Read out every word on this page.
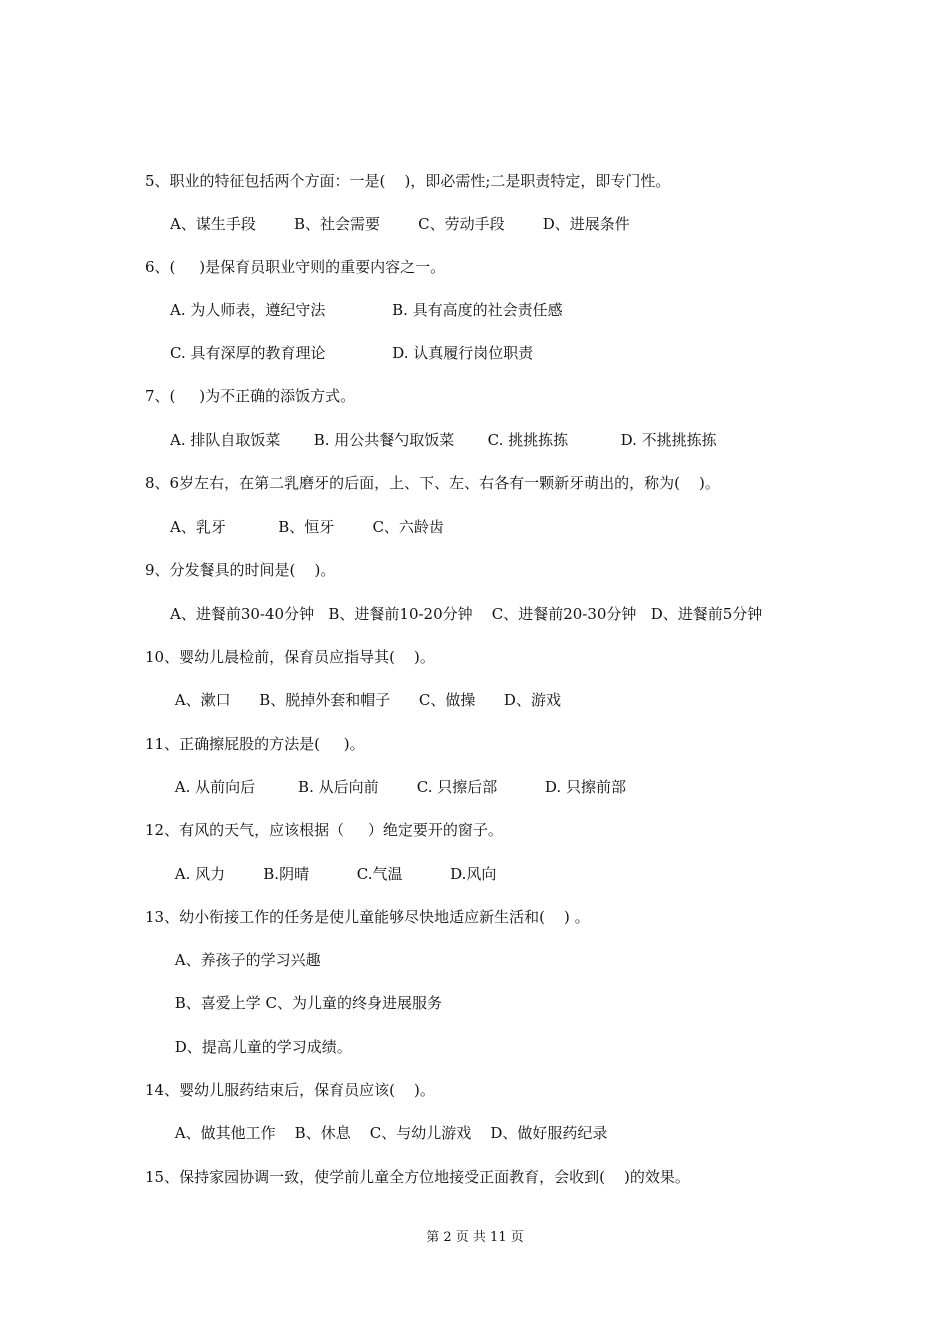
5、职业的特征包括两个方面：一是(    )，即必需性;二是职责特定，即专门性。
A、谋生手段        B、社会需要        C、劳动手段        D、进展条件
6、(     )是保育员职业守则的重要内容之一。
A. 为人师表，遵纪守法              B. 具有高度的社会责任感
C. 具有深厚的教育理论              D. 认真履行岗位职责
7、(     )为不正确的添饭方式。
A. 排队自取饭菜       B. 用公共餐勺取饭菜       C. 挑挑拣拣           D. 不挑挑拣拣
8、6岁左右，在第二乳磨牙的后面，上、下、左、右各有一颗新牙萌出的，称为(    )。
A、乳牙           B、恒牙        C、六龄齿
9、分发餐具的时间是(    )。
A、进餐前30-40分钟   B、进餐前10-20分钟    C、进餐前20-30分钟   D、进餐前5分钟
10、婴幼儿晨检前，保育员应指导其(    )。
A、漱口      B、脱掉外套和帽子      C、做操      D、游戏
11、正确擦屁股的方法是(     )。
A. 从前向后         B. 从后向前        C. 只擦后部          D. 只擦前部
12、有风的天气，应该根据（     ）绝定要开的窗子。
A. 风力        B.阴晴          C.气温          D.风向
13、幼小衔接工作的任务是使儿童能够尽快地适应新生活和(    ) 。
A、养孩子的学习兴趣
B、喜爱上学 C、为儿童的终身进展服务
D、提高儿童的学习成绩。
14、婴幼儿服药结束后，保育员应该(    )。
A、做其他工作    B、休息    C、与幼儿游戏    D、做好服药纪录
15、保持家园协调一致，使学前儿童全方位地接受正面教育，会收到(    )的效果。
第 2 页 共 11 页
